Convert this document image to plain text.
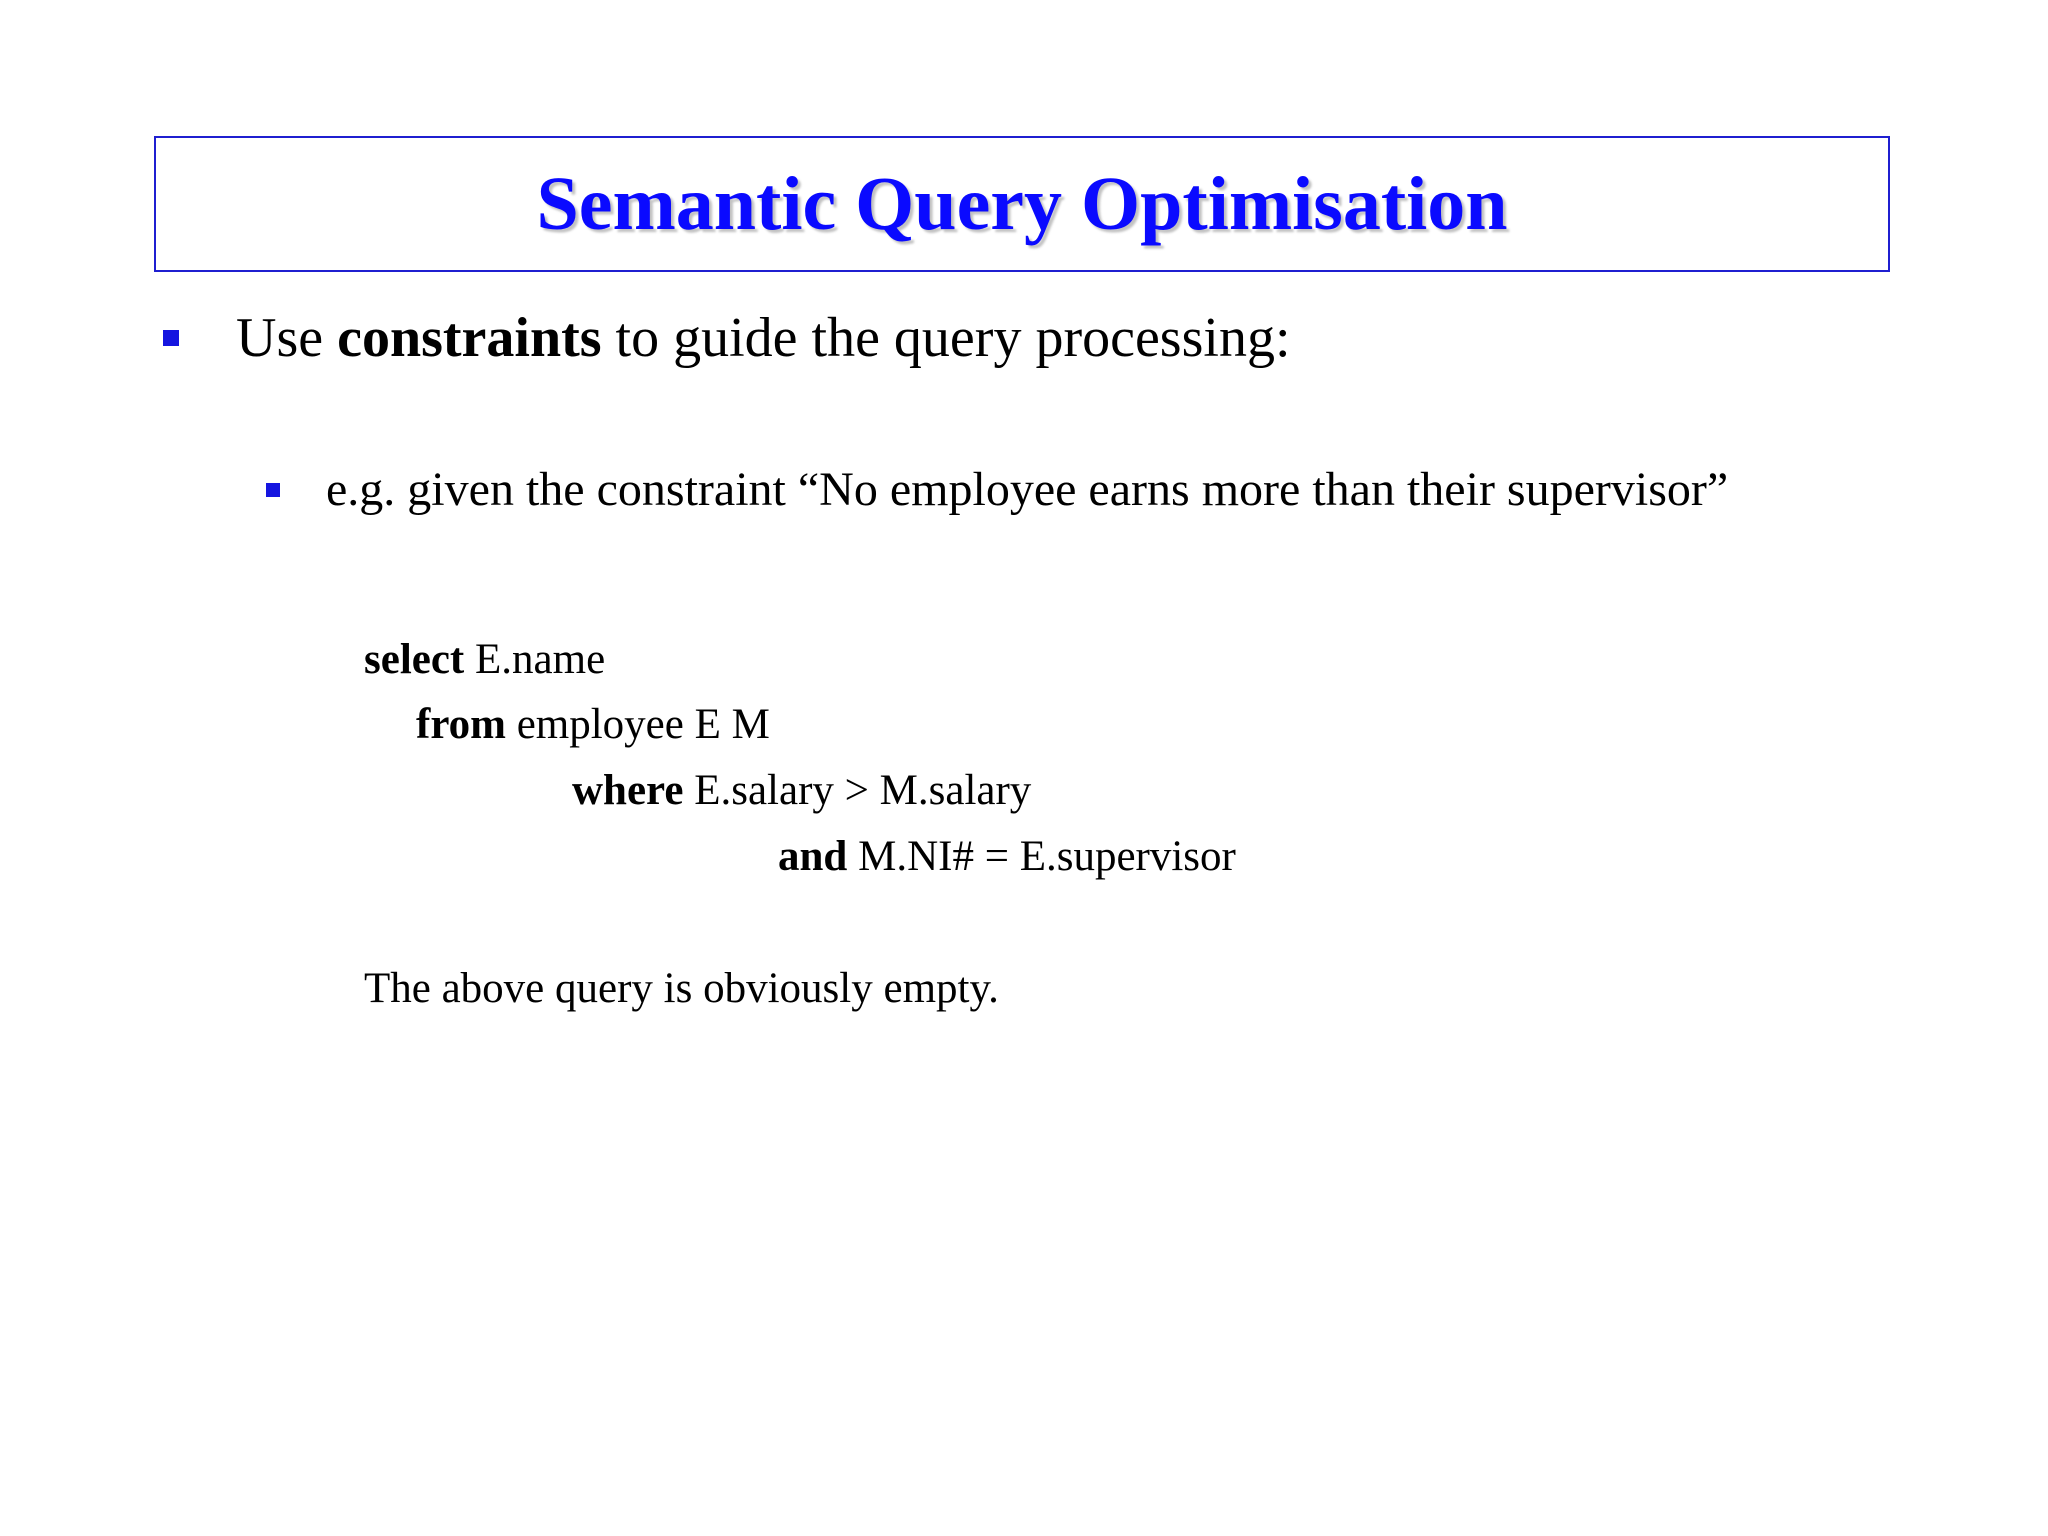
Semantic Query Optimisation
Use constraints to guide the query processing:
e.g. given the constraint “No employee earns more than their supervisor”
select E.name
from employee E M
where E.salary > M.salary
and M.NI# = E.supervisor
The above query is obviously empty.
